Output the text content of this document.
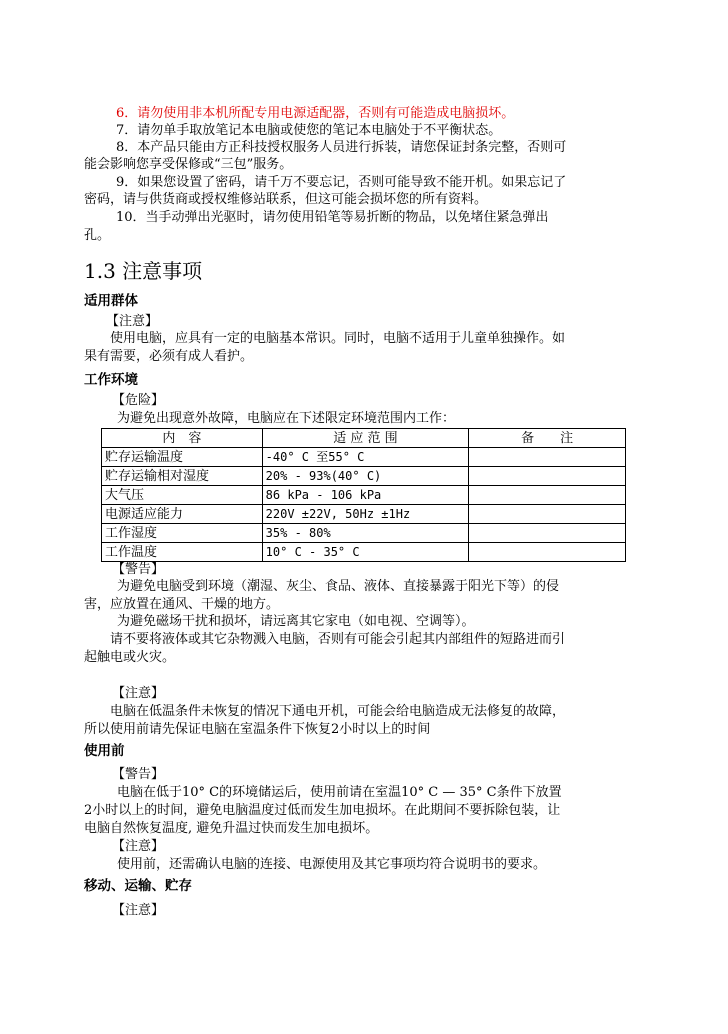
6．请勿使用非本机所配专用电源适配器，否则有可能造成电脑损坏。
7．请勿单手取放笔记本电脑或使您的笔记本电脑处于不平衡状态。
8．本产品只能由方正科技授权服务人员进行拆装，请您保证封条完整，否则可
能会影响您享受保修或“三包”服务。
9．如果您设置了密码，请千万不要忘记，否则可能导致不能开机。如果忘记了
密码，请与供货商或授权维修站联系，但这可能会损坏您的所有资料。
10．当手动弹出光驱时，请勿使用铅笔等易折断的物品，以免堵住紧急弹出
孔。
1.3 注意事项
适用群体
【注意】
使用电脑，应具有一定的电脑基本常识。同时，电脑不适用于儿童单独操作。如
果有需要，必须有成人看护。
工作环境
【危险】
为避免出现意外故障，电脑应在下述限定环境范围内工作：
内　容	适 应 范 围	备　　注
贮存运输温度	-40° C 至55° C	
贮存运输相对湿度	20% - 93%(40° C)	
大气压	86 kPa - 106 kPa	
电源适应能力	220V ±22V, 50Hz ±1Hz	
工作湿度	35% - 80%	
工作温度	10° C - 35° C	
【警告】
为避免电脑受到环境（潮湿、灰尘、食品、液体、直接暴露于阳光下等）的侵
害，应放置在通风、干燥的地方。
为避免磁场干扰和损坏，请远离其它家电（如电视、空调等）。
请不要将液体或其它杂物溅入电脑，否则有可能会引起其内部组件的短路进而引
起触电或火灾。
【注意】
电脑在低温条件未恢复的情况下通电开机，可能会给电脑造成无法修复的故障，
所以使用前请先保证电脑在室温条件下恢复2小时以上的时间
使用前
【警告】
电脑在低于10° C的环境储运后，使用前请在室温10° C — 35° C条件下放置
2小时以上的时间，避免电脑温度过低而发生加电损坏。在此期间不要拆除包装，让
电脑自然恢复温度, 避免升温过快而发生加电损坏。
【注意】
使用前，还需确认电脑的连接、电源使用及其它事项均符合说明书的要求。
移动、运输、贮存
【注意】
